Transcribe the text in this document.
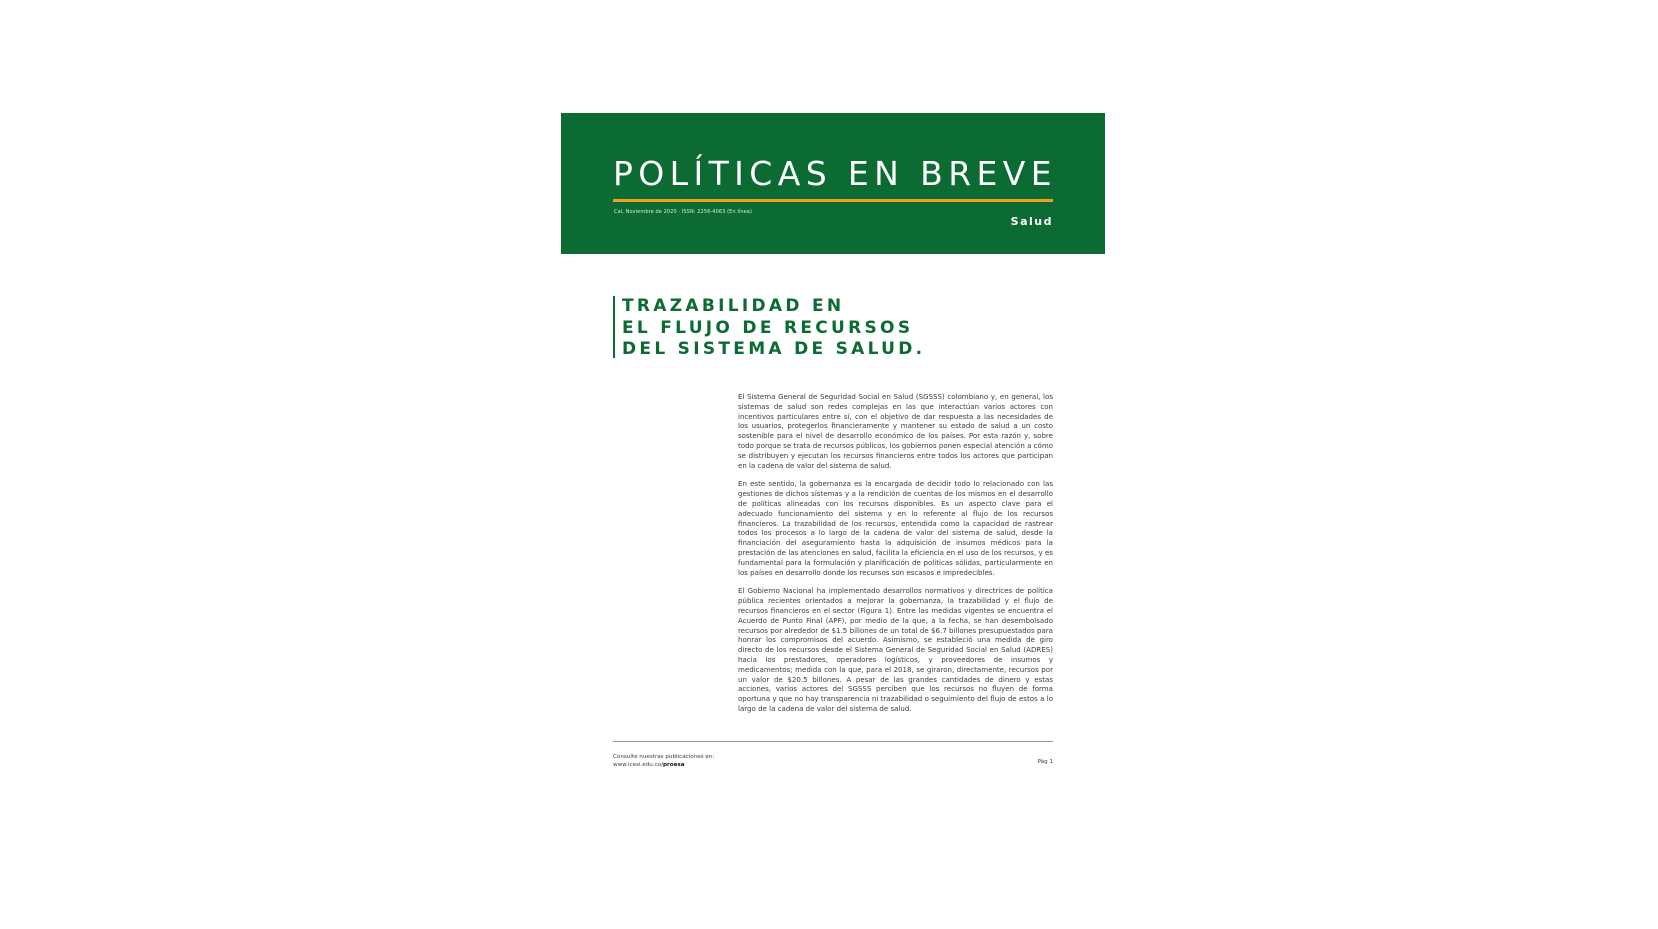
POLÍTICAS EN BREVE
Cal, Noviembre de 2020 · ISSN: 2256-4063 (En línea)
Salud
TRAZABILIDAD EN
EL FLUJO DE RECURSOS
DEL SISTEMA DE SALUD.

El Sistema General de Seguridad Social en Salud (SGSSS) colombiano y, en general, los sistemas de salud son redes complejas en las que interactúan varios actores con incentivos particulares entre sí, con el objetivo de dar respuesta a las necesidades de los usuarios, protegerlos financieramente y mantener su estado de salud a un costo sostenible para el nivel de desarrollo económico de los países. Por esta razón y, sobre todo porque se trata de recursos públicos, los gobiernos ponen especial atención a cómo se distribuyen y ejecutan los recursos financieros entre todos los actores que participan en la cadena de valor del sistema de salud.

En este sentido, la gobernanza es la encargada de decidir todo lo relacionado con las gestiones de dichos sistemas y a la rendición de cuentas de los mismos en el desarrollo de políticas alineadas con los recursos disponibles. Es un aspecto clave para el adecuado funcionamiento del sistema y en lo referente al flujo de los recursos financieros. La trazabilidad de los recursos, entendida como la capacidad de rastrear todos los procesos a lo largo de la cadena de valor del sistema de salud, desde la financiación del aseguramiento hasta la adquisición de insumos médicos para la prestación de las atenciones en salud, facilita la eficiencia en el uso de los recursos, y es fundamental para la formulación y planificación de políticas sólidas, particularmente en los países en desarrollo donde los recursos son escasos e impredecibles.

El Gobierno Nacional ha implementado desarrollos normativos y directrices de política pública recientes orientados a mejorar la gobernanza, la trazabilidad y el flujo de recursos financieros en el sector (Figura 1). Entre las medidas vigentes se encuentra el Acuerdo de Punto Final (APF), por medio de la que, a la fecha, se han desembolsado recursos por alrededor de $1.5 billones de un total de $6.7 billones presupuestados para honrar los compromisos del acuerdo. Asimismo, se estableció una medida de giro directo de los recursos desde el Sistema General de Seguridad Social en Salud (ADRES) hacia los prestadores, operadores logísticos, y proveedores de insumos y medicamentos; medida con la que, para el 2018, se giraron, directamente, recursos por un valor de $20.5 billones. A pesar de las grandes cantidades de dinero y estas acciones, varios actores del SGSSS perciben que los recursos no fluyen de forma oportuna y que no hay transparencia ni trazabilidad o seguimiento del flujo de estos a lo largo de la cadena de valor del sistema de salud.

Consulte nuestras publicaciones en:
www.icesi.edu.co/proesa	Pág 1
